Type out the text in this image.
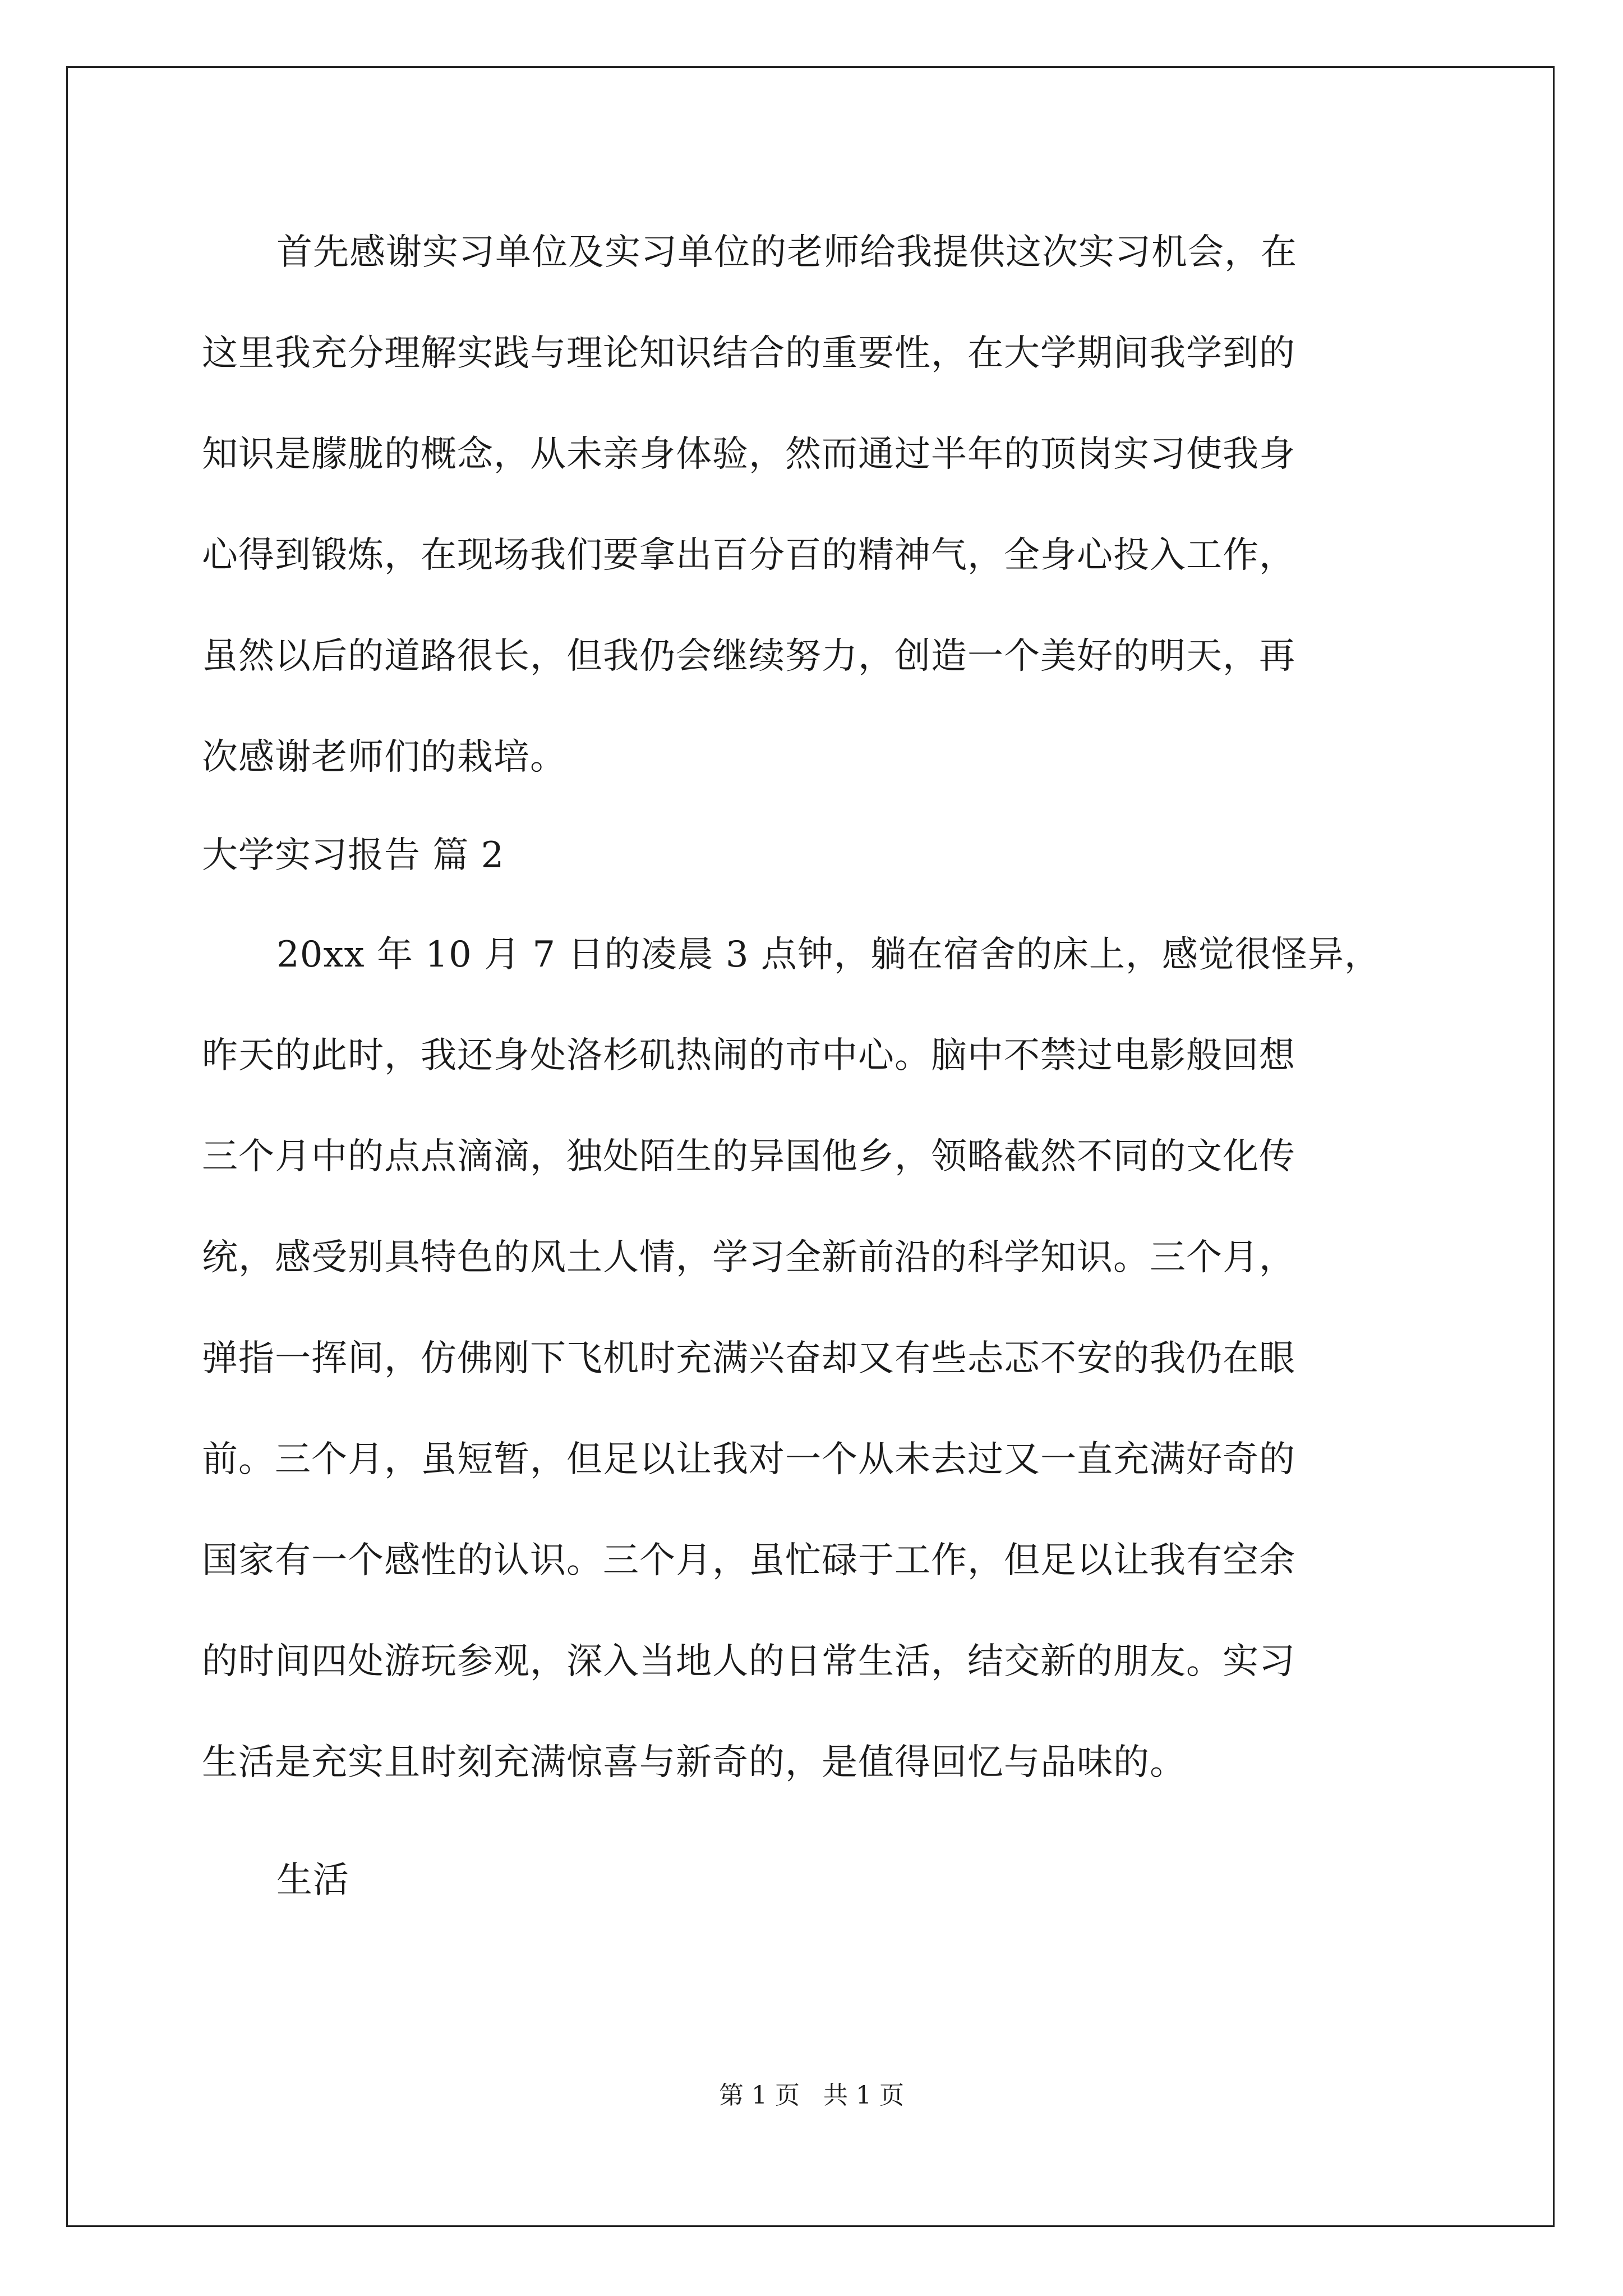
首先感谢实习单位及实习单位的老师给我提供这次实习机会，在
这里我充分理解实践与理论知识结合的重要性，在大学期间我学到的
知识是朦胧的概念，从未亲身体验，然而通过半年的顶岗实习使我身
心得到锻炼，在现场我们要拿出百分百的精神气，全身心投入工作，
虽然以后的道路很长，但我仍会继续努力，创造一个美好的明天，再
次感谢老师们的栽培。
大学实习报告 篇 2
20xx 年 10 月 7 日的凌晨 3 点钟，躺在宿舍的床上，感觉很怪异，
昨天的此时，我还身处洛杉矶热闹的市中心。脑中不禁过电影般回想
三个月中的点点滴滴，独处陌生的异国他乡，领略截然不同的文化传
统，感受别具特色的风土人情，学习全新前沿的科学知识。三个月，
弹指一挥间，仿佛刚下飞机时充满兴奋却又有些忐忑不安的我仍在眼
前。三个月，虽短暂，但足以让我对一个从未去过又一直充满好奇的
国家有一个感性的认识。三个月，虽忙碌于工作，但足以让我有空余
的时间四处游玩参观，深入当地人的日常生活，结交新的朋友。实习
生活是充实且时刻充满惊喜与新奇的，是值得回忆与品味的。
生活
第 1 页   共 1 页
